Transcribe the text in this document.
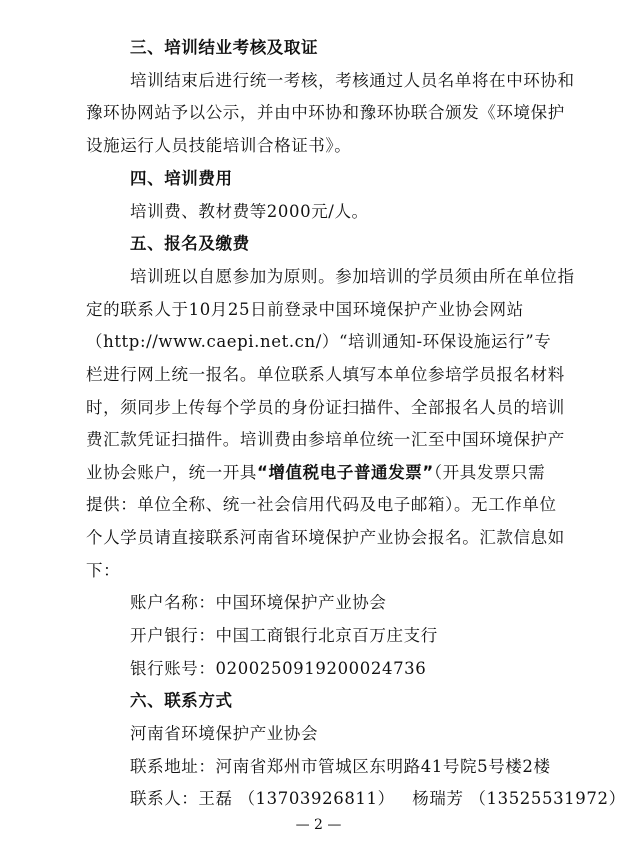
三、培训结业考核及取证
培训结束后进行统一考核，考核通过人员名单将在中环协和
豫环协网站予以公示，并由中环协和豫环协联合颁发《环境保护
设施运行人员技能培训合格证书》。
四、培训费用
培训费、教材费等2000元/人。
五、报名及缴费
培训班以自愿参加为原则。参加培训的学员须由所在单位指
定的联系人于10月25日前登录中国环境保护产业协会网站
（http://www.caepi.net.cn/）“培训通知-环保设施运行”专
栏进行网上统一报名。单位联系人填写本单位参培学员报名材料
时，须同步上传每个学员的身份证扫描件、全部报名人员的培训
费汇款凭证扫描件。培训费由参培单位统一汇至中国环境保护产
业协会账户，统一开具“增值税电子普通发票”（开具发票只需
提供：单位全称、统一社会信用代码及电子邮箱）。无工作单位
个人学员请直接联系河南省环境保护产业协会报名。汇款信息如
下：
账户名称：中国环境保护产业协会
开户银行：中国工商银行北京百万庄支行
银行账号：0200250919200024736
六、联系方式
河南省环境保护产业协会
联系地址：河南省郑州市管城区东明路41号院5号楼2楼
联系人：王磊 （13703926811）   杨瑞芳 （13525531972）
— 2 —
